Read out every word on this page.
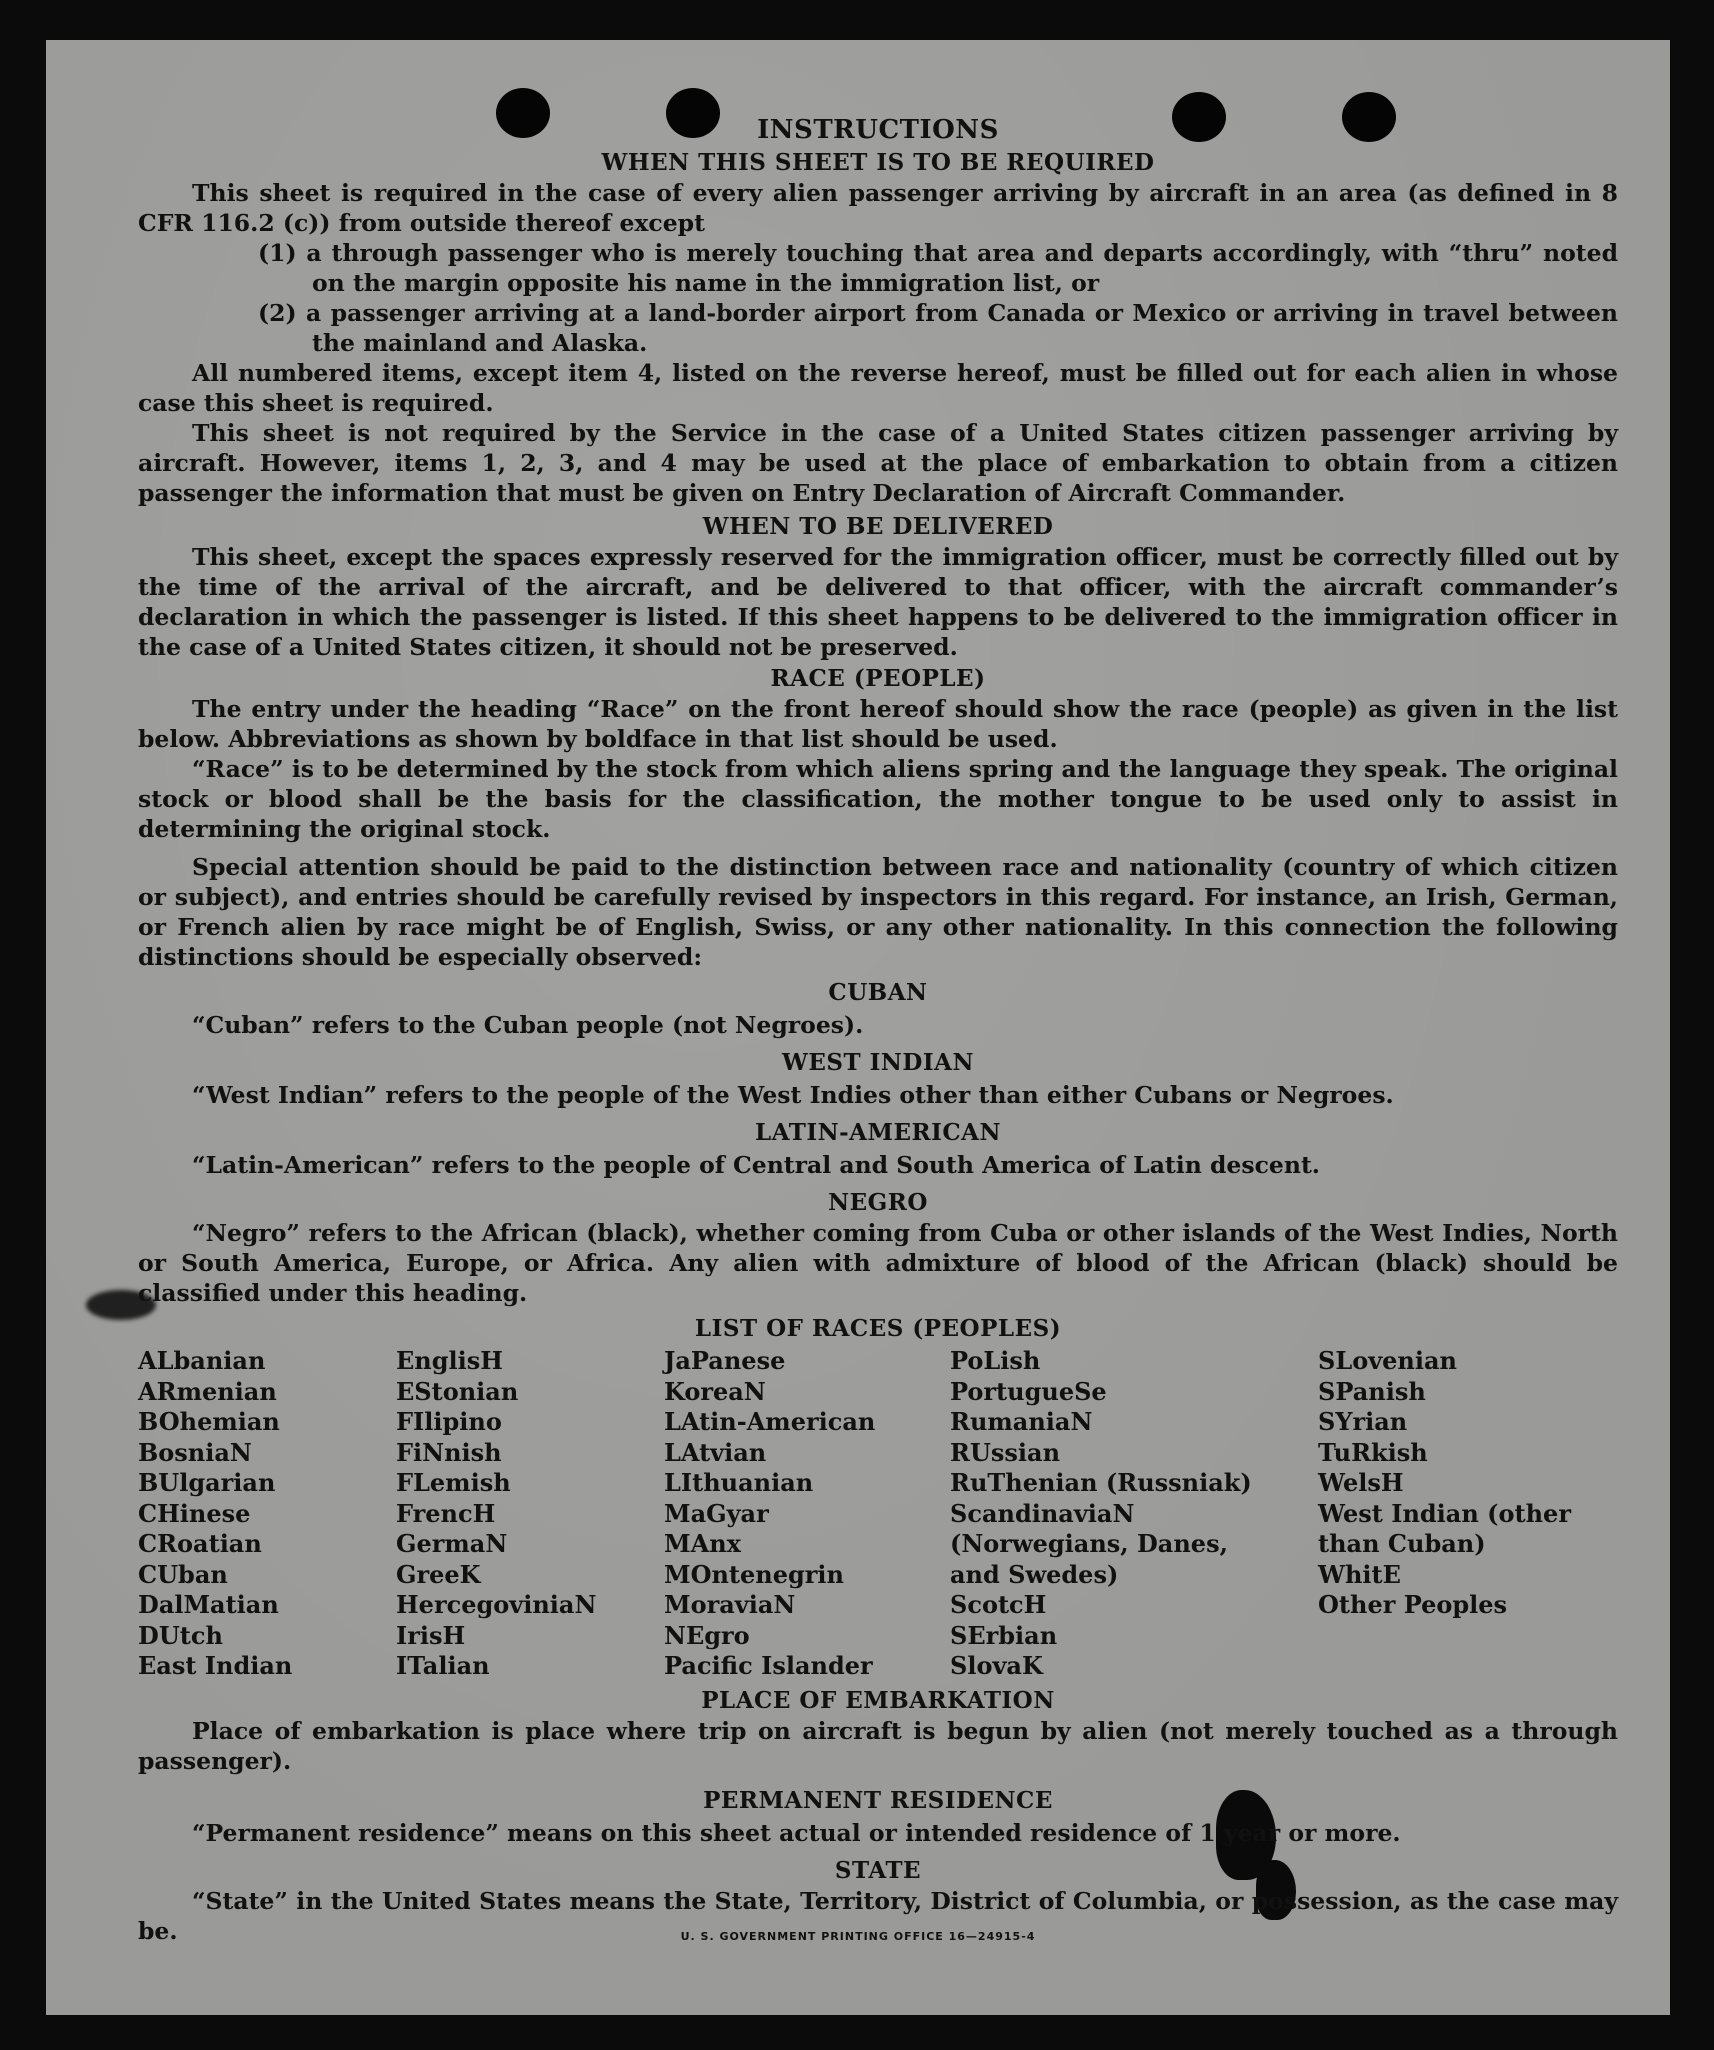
INSTRUCTIONS

WHEN THIS SHEET IS TO BE REQUIRED

This sheet is required in the case of every alien passenger arriving by aircraft in an area (as defined in 8 CFR 116.2 (c)) from outside thereof except

(1) a through passenger who is merely touching that area and departs accordingly, with “thru” noted on the margin opposite his name in the immigration list, or

(2) a passenger arriving at a land-border airport from Canada or Mexico or arriving in travel between the mainland and Alaska.

All numbered items, except item 4, listed on the reverse hereof, must be filled out for each alien in whose case this sheet is required.

This sheet is not required by the Service in the case of a United States citizen passenger arriving by aircraft. However, items 1, 2, 3, and 4 may be used at the place of embarkation to obtain from a citizen passenger the information that must be given on Entry Declaration of Aircraft Commander.

WHEN TO BE DELIVERED

This sheet, except the spaces expressly reserved for the immigration officer, must be correctly filled out by the time of the arrival of the aircraft, and be delivered to that officer, with the aircraft commander’s declaration in which the passenger is listed. If this sheet happens to be delivered to the immigration officer in the case of a United States citizen, it should not be preserved.

RACE (PEOPLE)

The entry under the heading “Race” on the front hereof should show the race (people) as given in the list below. Abbreviations as shown by boldface in that list should be used.

“Race” is to be determined by the stock from which aliens spring and the language they speak. The original stock or blood shall be the basis for the classification, the mother tongue to be used only to assist in determining the original stock.

Special attention should be paid to the distinction between race and nationality (country of which citizen or subject), and entries should be carefully revised by inspectors in this regard. For instance, an Irish, German, or French alien by race might be of English, Swiss, or any other nationality. In this connection the following distinctions should be especially observed:

CUBAN

“Cuban” refers to the Cuban people (not Negroes).

WEST INDIAN

“West Indian” refers to the people of the West Indies other than either Cubans or Negroes.

LATIN-AMERICAN

“Latin-American” refers to the people of Central and South America of Latin descent.

NEGRO

“Negro” refers to the African (black), whether coming from Cuba or other islands of the West Indies, North or South America, Europe, or Africa. Any alien with admixture of blood of the African (black) should be classified under this heading.

LIST OF RACES (PEOPLES)

ALbanian
ARmenian
BOhemian
BosniaN
BUlgarian
CHinese
CRoatian
CUban
DalMatian
DUtch
East Indian
EnglisH
EStonian
FIlipino
FiNnish
FLemish
FrencH
GermaN
GreeK
HercegoviniaN
IrisH
ITalian
JaPanese
KoreaN
LAtin-American
LAtvian
LIthuanian
MaGyar
MAnx
MOntenegrin
MoraviaN
NEgro
Pacific Islander
PoLish
PortugueSe
RumaniaN
RUssian
RuThenian (Russniak)
ScandinaviaN (Norwegians, Danes, and Swedes)
ScotcH
SErbian
SlovaK
SLovenian
SPanish
SYrian
TuRkish
WelsH
West Indian (other than Cuban)
WhitE
Other Peoples

PLACE OF EMBARKATION

Place of embarkation is place where trip on aircraft is begun by alien (not merely touched as a through passenger).

PERMANENT RESIDENCE

“Permanent residence” means on this sheet actual or intended residence of 1 year or more.

STATE

“State” in the United States means the State, Territory, District of Columbia, or possession, as the case may be.	U. S. GOVERNMENT PRINTING OFFICE 16—24915-4
